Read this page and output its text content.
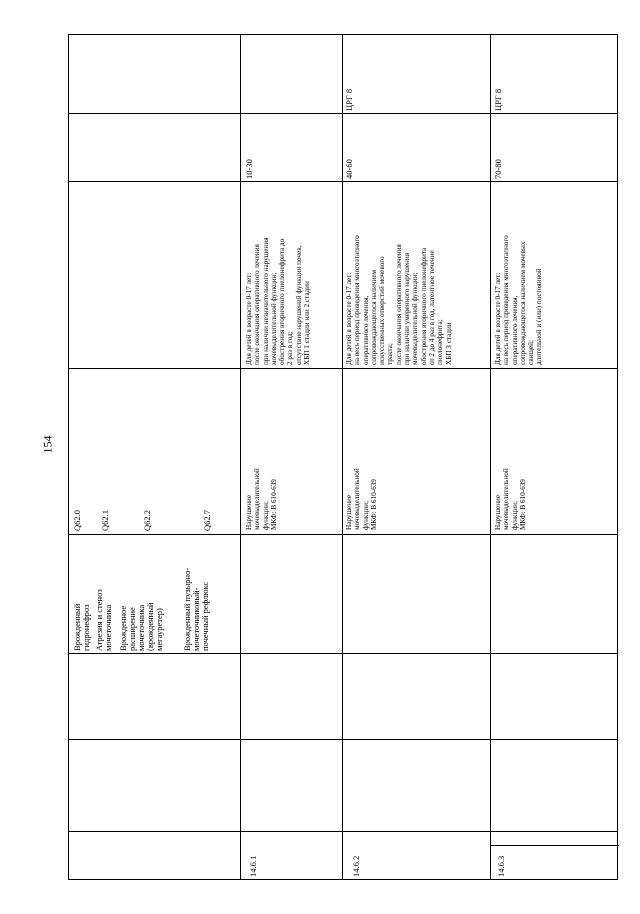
154
Врожденный
гидронефроз Атрезия и стеноз
мочеточника Врожденное
расширение
мочеточника
(врожденный
мегауретер) Врожденный пузырно-
мочеточниковый-
почечный рефлюкс
Q62.0 Q62.1	Q62.2	Q62.7
14.6.1
Нарушение
мочевыделительной
функции;
МКФ: В 610-639
Для детей в возрасте 0-17 лет:
после окончания оперативного лечения
при наличии незначительного нарушения
мочевыделительной функции;
обострения вторичного пиелонефрита до
2 раз в год;
отсутствие нарушений функции почек,
ХБП 1 стадии или 2 стадии
10-30
14.6.2
Нарушение
мочевыделительной
функции;
МКФ: В 610-639
Для детей в возрасте 0-17 лет:
на весь период проведения многоэтапного
оперативного лечения,
сопровождающегося наличием
искусственных отверстий мочевого
тракта;
после окончания оперативного лечения
при наличии умеренного нарушения
мочевыделительной функции;
обострения вторичного пиелонефрита
от 2 до 4 раз в год, латентное течение
пиелонефрита;
ХБП 3 стадии
40-60
ЦРГ 8
14.6.3
Нарушение
мочевыделительной
функции;
МКФ: В 610-639
Для детей в возрасте 0-17 лет:
на весь период проведения многоэтапного
оперативного лечения,
сопровождающегося наличием мочевых
свищей;
длительной и (или) постоянной
70-80
ЦРГ 8
